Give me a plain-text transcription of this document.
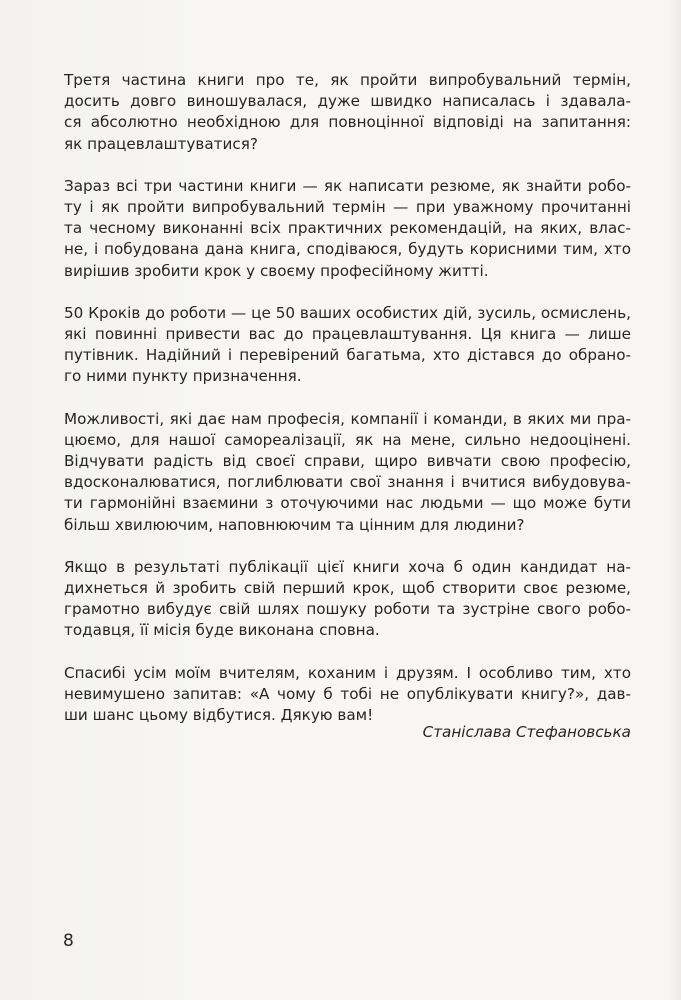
Третя частина книги про те, як пройти випробувальний термін,
досить довго виношувалася, дуже швидко написалась і здавала-
ся абсолютно необхідною для повноцінної відповіді на запитання:
як працевлаштуватися?

Зараз всі три частини книги — як написати резюме, як знайти робо-
ту і як пройти випробувальний термін — при уважному прочитанні
та чесному виконанні всіх практичних рекомендацій, на яких, влас-
не, і побудована дана книга, сподіваюся, будуть корисними тим, хто
вирішив зробити крок у своєму професійному житті.

50 Кроків до роботи — це 50 ваших особистих дій, зусиль, осмислень,
які повинні привести вас до працевлаштування. Ця книга — лише
путівник. Надійний і перевірений багатьма, хто дістався до обрано-
го ними пункту призначення.

Можливості, які дає нам професія, компанії і команди, в яких ми пра-
цюємо, для нашої самореалізації, як на мене, сильно недооцінені.
Відчувати радість від своєї справи, щиро вивчати свою професію,
вдосконалюватися, поглиблювати свої знання і вчитися вибудовува-
ти гармонійні взаємини з оточуючими нас людьми — що може бути
більш хвилюючим, наповнюючим та цінним для людини?

Якщо в результаті публікації цієї книги хоча б один кандидат на-
дихнеться й зробить свій перший крок, щоб створити своє резюме,
грамотно вибудує свій шлях пошуку роботи та зустріне свого робо-
тодавця, її місія буде виконана сповна.

Спасибі усім моїм вчителям, коханим і друзям. І особливо тим, хто
невимушено запитав: «А чому б тобі не опублікувати книгу?», дав-
ши шанс цьому відбутися. Дякую вам!

Станіслава Стефановська
8
